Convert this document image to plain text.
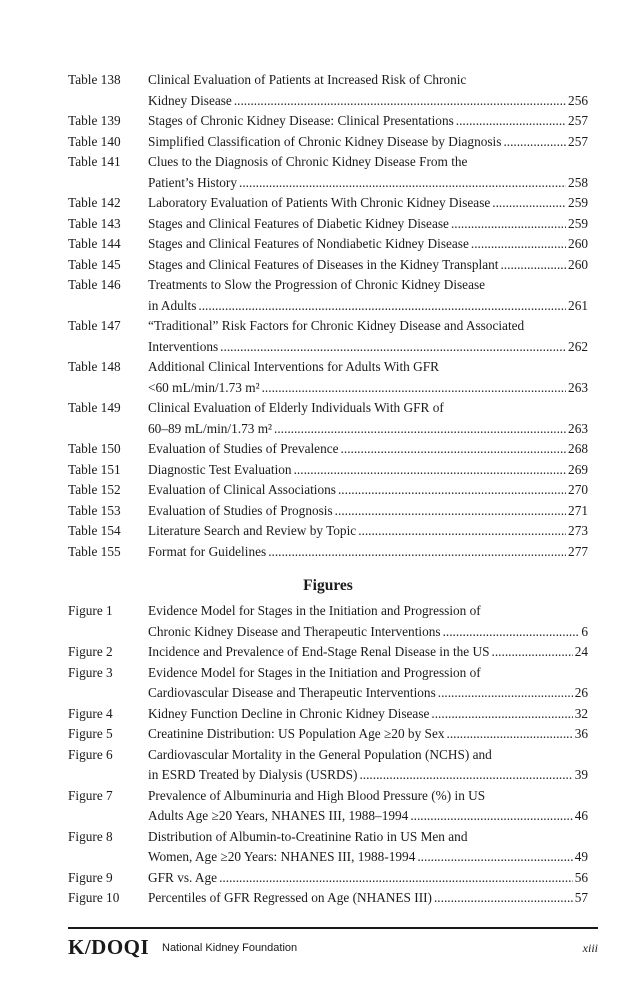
Table 138	Clinical Evaluation of Patients at Increased Risk of Chronic
Kidney Disease .....	256
Table 139	Stages of Chronic Kidney Disease: Clinical Presentations .....	257
Table 140	Simplified Classification of Chronic Kidney Disease by Diagnosis .....	257
Table 141	Clues to the Diagnosis of Chronic Kidney Disease From the
Patient’s History .....	258
Table 142	Laboratory Evaluation of Patients With Chronic Kidney Disease .....	259
Table 143	Stages and Clinical Features of Diabetic Kidney Disease .....	259
Table 144	Stages and Clinical Features of Nondiabetic Kidney Disease .....	260
Table 145	Stages and Clinical Features of Diseases in the Kidney Transplant .....	260
Table 146	Treatments to Slow the Progression of Chronic Kidney Disease
in Adults .....	261
Table 147	“Traditional” Risk Factors for Chronic Kidney Disease and Associated
Interventions .....	262
Table 148	Additional Clinical Interventions for Adults With GFR
<60 mL/min/1.73 m² .....	263
Table 149	Clinical Evaluation of Elderly Individuals With GFR of
60–89 mL/min/1.73 m² .....	263
Table 150	Evaluation of Studies of Prevalence .....	268
Table 151	Diagnostic Test Evaluation .....	269
Table 152	Evaluation of Clinical Associations .....	270
Table 153	Evaluation of Studies of Prognosis .....	271
Table 154	Literature Search and Review by Topic .....	273
Table 155	Format for Guidelines .....	277
Figures
Figure 1	Evidence Model for Stages in the Initiation and Progression of
Chronic Kidney Disease and Therapeutic Interventions .....	6
Figure 2	Incidence and Prevalence of End-Stage Renal Disease in the US .....	24
Figure 3	Evidence Model for Stages in the Initiation and Progression of
Cardiovascular Disease and Therapeutic Interventions .....	26
Figure 4	Kidney Function Decline in Chronic Kidney Disease .....	32
Figure 5	Creatinine Distribution: US Population Age ≥20 by Sex .....	36
Figure 6	Cardiovascular Mortality in the General Population (NCHS) and
in ESRD Treated by Dialysis (USRDS) .....	39
Figure 7	Prevalence of Albuminuria and High Blood Pressure (%) in US
Adults Age ≥20 Years, NHANES III, 1988–1994 .....	46
Figure 8	Distribution of Albumin-to-Creatinine Ratio in US Men and
Women, Age ≥20 Years: NHANES III, 1988-1994 .....	49
Figure 9	GFR vs. Age .....	56
Figure 10	Percentiles of GFR Regressed on Age (NHANES III) .....	57
K/DOQI National Kidney Foundation	xiii
